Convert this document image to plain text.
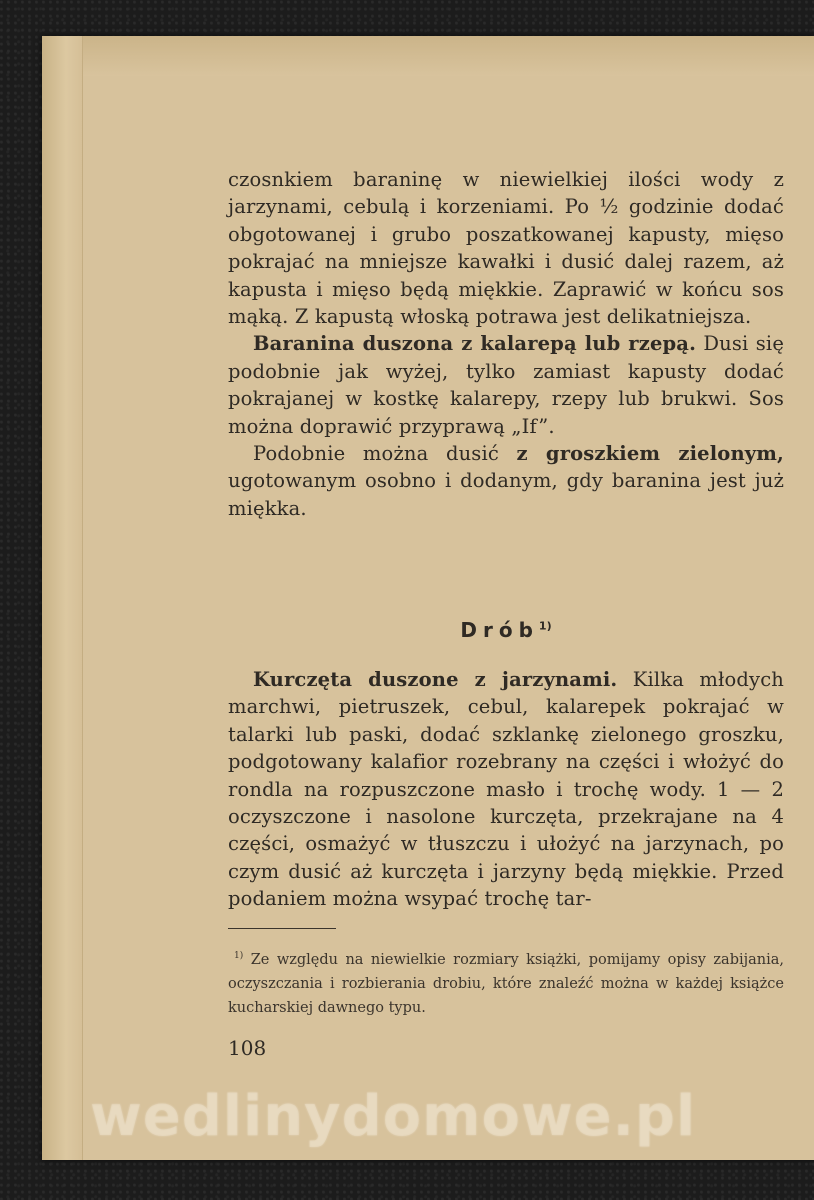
czosnkiem baraninę w niewielkiej ilości wody z jarzynami, cebulą i korzeniami. Po ½ godzinie dodać obgotowanej i grubo poszatkowanej kapusty, mięso pokrajać na mniejsze kawałki i dusić dalej razem, aż kapusta i mięso będą miękkie. Zaprawić w końcu sos mąką. Z kapustą włoską potrawa jest delikatniejsza.

Baranina duszona z kalarepą lub rzepą. Dusi się podobnie jak wyżej, tylko zamiast kapusty dodać pokrajanej w kostkę kalarepy, rzepy lub brukwi. Sos można doprawić przyprawą „If”.

Podobnie można dusić z groszkiem zielonym, ugotowanym osobno i dodanym, gdy baranina jest już miękka.

Drób$^{1)}$

Kurczęta duszone z jarzynami. Kilka młodych marchwi, pietruszek, cebul, kalarepek pokrajać w talarki lub paski, dodać szklankę zielonego groszku, podgotowany kalafior rozebrany na części i włożyć do rondla na rozpuszczone masło i trochę wody. 1 — 2 oczyszczone i nasolone kurczęta, przekrajane na 4 części, osmażyć w tłuszczu i ułożyć na jarzynach, po czym dusić aż kurczęta i jarzyny będą miękkie. Przed podaniem można wsypać trochę tar-

$^{1)}$ Ze względu na niewielkie rozmiary książki, pomijamy opisy zabijania, oczyszczania i rozbierania drobiu, które znaleźć można w każdej książce kucharskiej dawnego typu.

108
wedlinydomowe.pl
